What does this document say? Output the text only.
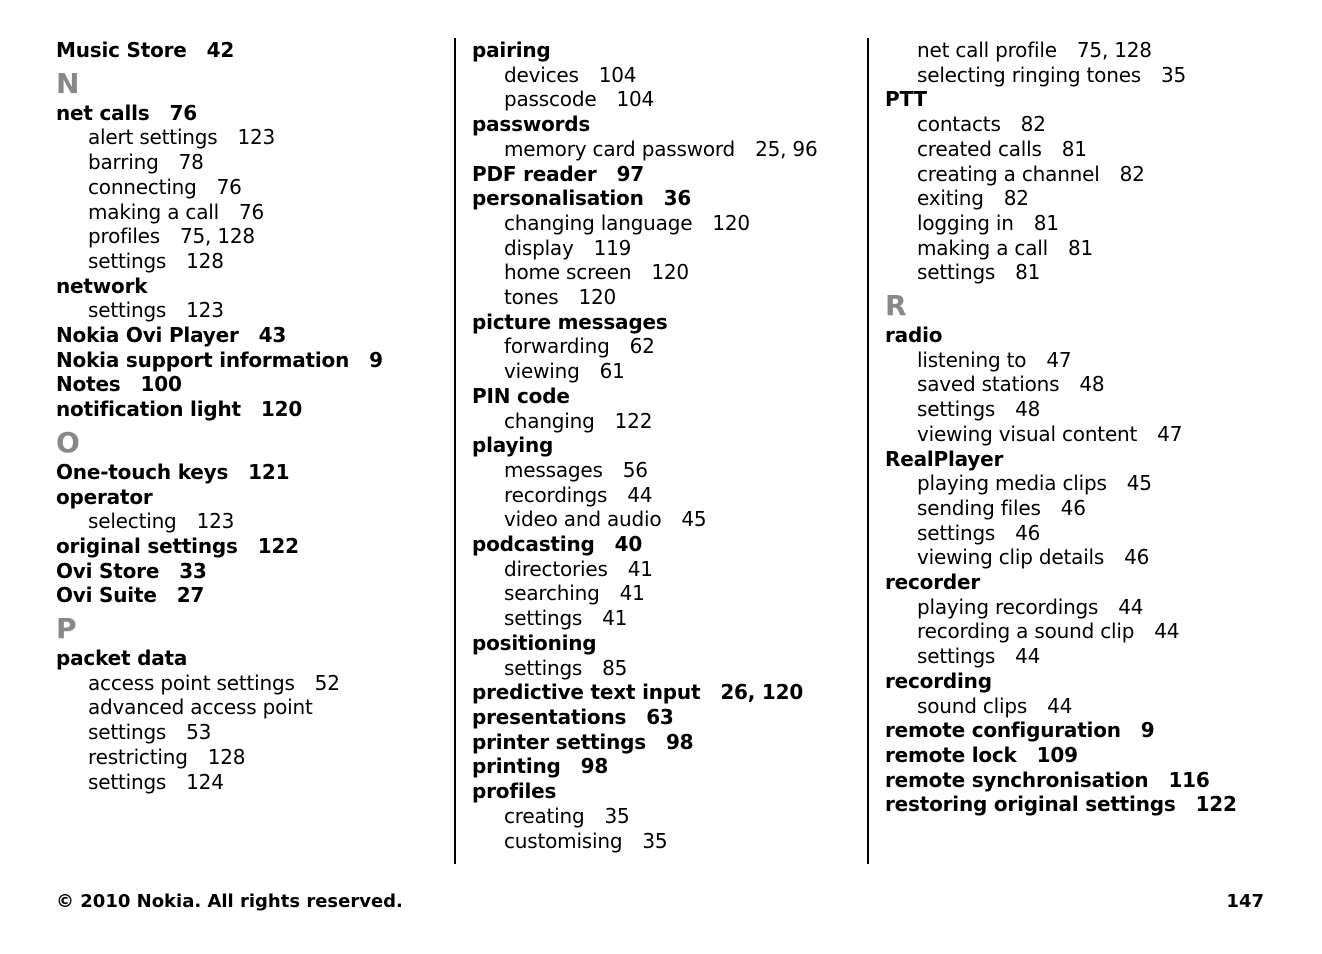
Music Store 42
N
net calls 76
alert settings 123
barring 78
connecting 76
making a call 76
profiles 75, 128
settings 128
network
settings 123
Nokia Ovi Player 43
Nokia support information 9
Notes 100
notification light 120
O
One-touch keys 121
operator
selecting 123
original settings 122
Ovi Store 33
Ovi Suite 27
P
packet data
access point settings 52
advanced access point
settings 53
restricting 128
settings 124
pairing
devices 104
passcode 104
passwords
memory card password 25, 96
PDF reader 97
personalisation 36
changing language 120
display 119
home screen 120
tones 120
picture messages
forwarding 62
viewing 61
PIN code
changing 122
playing
messages 56
recordings 44
video and audio 45
podcasting 40
directories 41
searching 41
settings 41
positioning
settings 85
predictive text input 26, 120
presentations 63
printer settings 98
printing 98
profiles
creating 35
customising 35
net call profile 75, 128
selecting ringing tones 35
PTT
contacts 82
created calls 81
creating a channel 82
exiting 82
logging in 81
making a call 81
settings 81
R
radio
listening to 47
saved stations 48
settings 48
viewing visual content 47
RealPlayer
playing media clips 45
sending files 46
settings 46
viewing clip details 46
recorder
playing recordings 44
recording a sound clip 44
settings 44
recording
sound clips 44
remote configuration 9
remote lock 109
remote synchronisation 116
restoring original settings 122
© 2010 Nokia. All rights reserved.	147
